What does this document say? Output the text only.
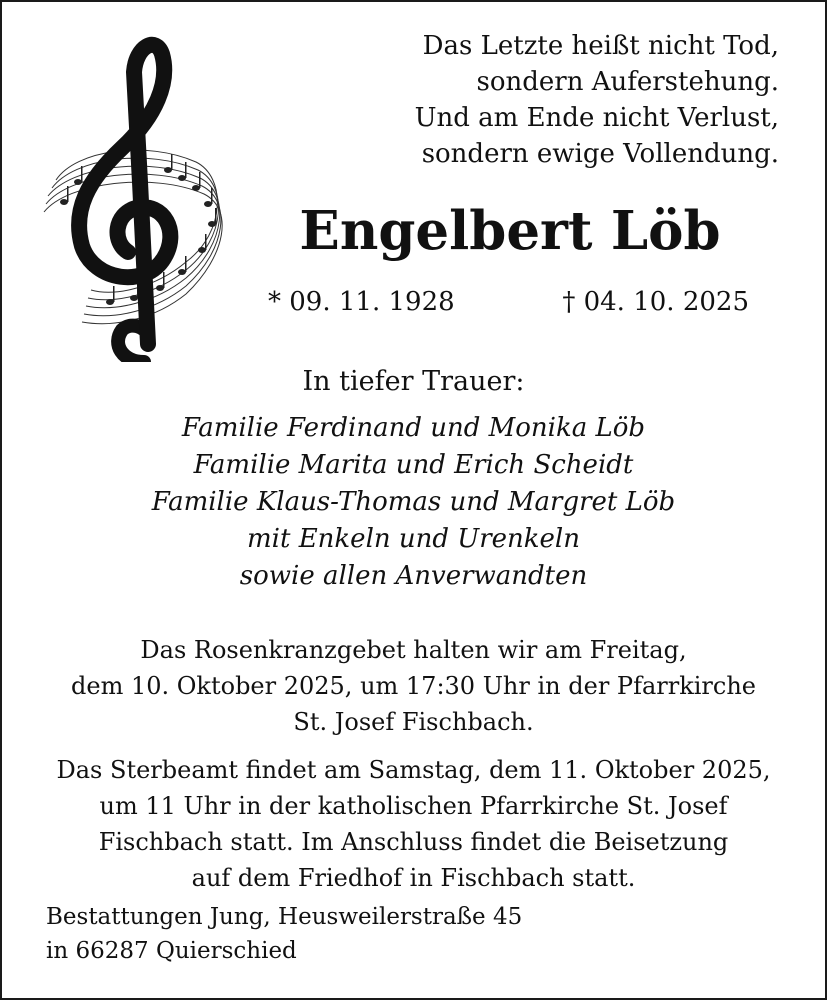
Das Letzte heißt nicht Tod,
sondern Auferstehung.
Und am Ende nicht Verlust,
sondern ewige Vollendung.
Engelbert Löb
* 09. 11. 1928	† 04. 10. 2025
In tiefer Trauer:
Familie Ferdinand und Monika Löb
Familie Marita und Erich Scheidt
Familie Klaus-Thomas und Margret Löb
mit Enkeln und Urenkeln
sowie allen Anverwandten
Das Rosenkranzgebet halten wir am Freitag,
dem 10. Oktober 2025, um 17:30 Uhr in der Pfarrkirche
St. Josef Fischbach.
Das Sterbeamt findet am Samstag, dem 11. Oktober 2025,
um 11 Uhr in der katholischen Pfarrkirche St. Josef
Fischbach statt. Im Anschluss findet die Beisetzung
auf dem Friedhof in Fischbach statt.
Bestattungen Jung, Heusweilerstraße 45
in 66287 Quierschied
